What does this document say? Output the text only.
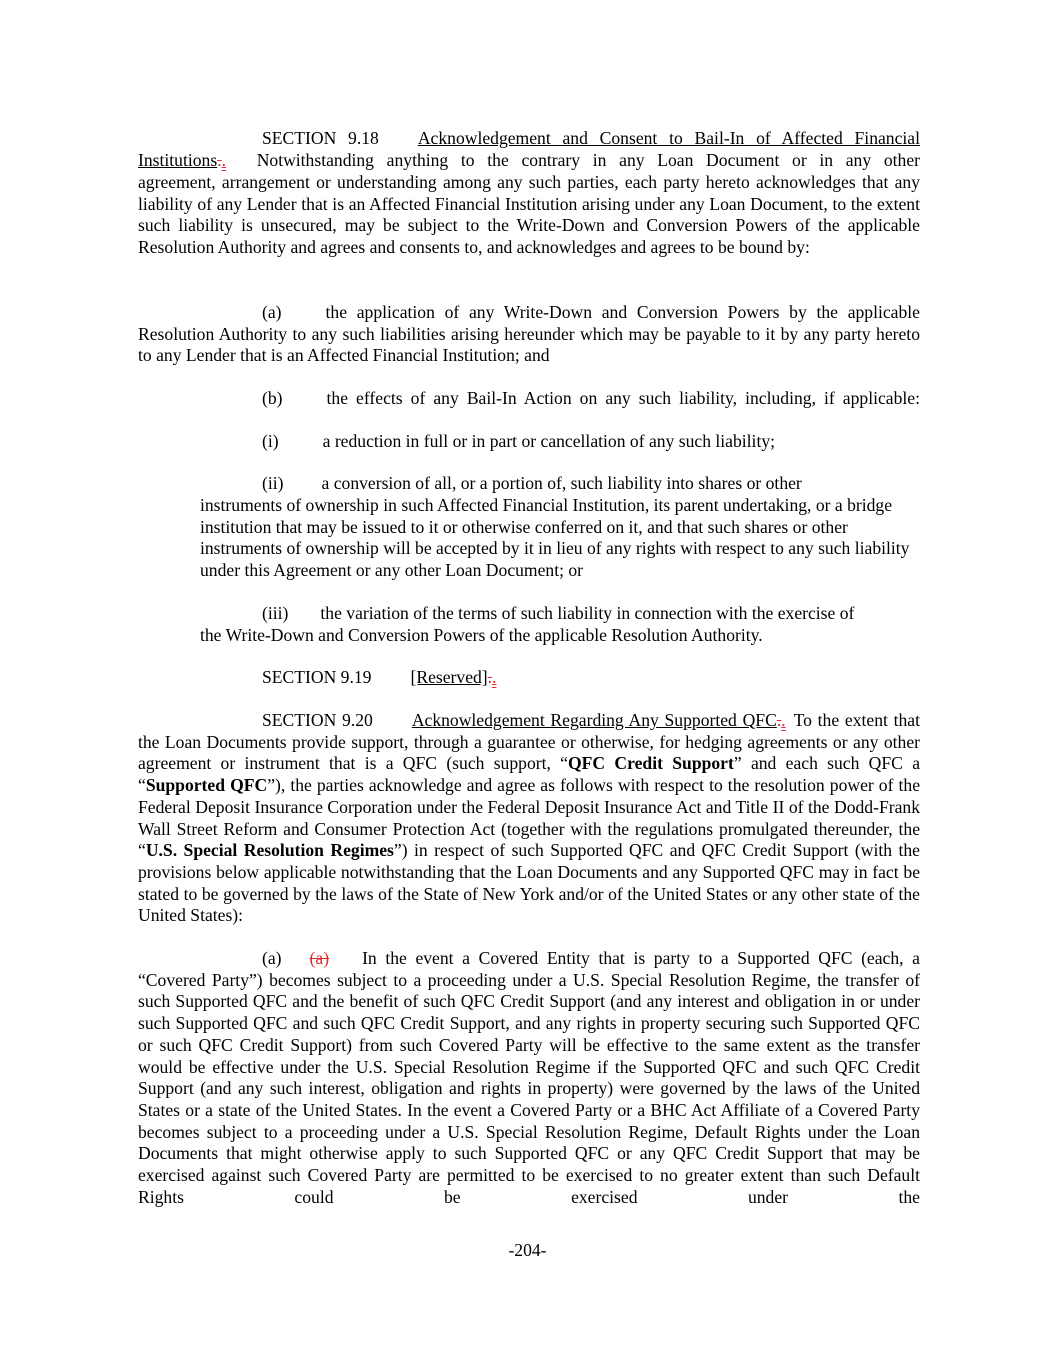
SECTION 9.18 Acknowledgement and Consent to Bail-In of Affected Financial

Institutions.. Notwithstanding anything to the contrary in any Loan Document or in any other

agreement, arrangement or understanding among any such parties, each party hereto acknowledges that any liability of any Lender that is an Affected Financial Institution arising under any Loan Document, to the extent such liability is unsecured, may be subject to the Write-Down and Conversion Powers of the applicable Resolution Authority and agrees and consents to, and acknowledges and agrees to be bound by:

(a)	the application of any Write-Down and Conversion Powers by the applicable Resolution Authority to any such liabilities arising hereunder which may be payable to it by any party hereto to any Lender that is an Affected Financial Institution; and

(b)	the effects of any Bail-In Action on any such liability, including, if applicable:

(i)	a reduction in full or in part or cancellation of any such liability;

(ii) a conversion of all, or a portion of, such liability into shares or other

instruments of ownership in such Affected Financial Institution, its parent undertaking, or a bridge institution that may be issued to it or otherwise conferred on it, and that such shares or other instruments of ownership will be accepted by it in lieu of any rights with respect to any such liability under this Agreement or any other Loan Document; or

(iii) the variation of the terms of such liability in connection with the exercise of

the Write-Down and Conversion Powers of the applicable Resolution Authority.

SECTION 9.19 [Reserved]..

SECTION 9.20 Acknowledgement Regarding Any Supported QFC.. To the extent that the Loan Documents provide support, through a guarantee or otherwise, for hedging agreements or any other agreement or instrument that is a QFC (such support, “QFC Credit Support” and each such QFC a “Supported QFC”), the parties acknowledge and agree as follows with respect to the resolution power of the Federal Deposit Insurance Corporation under the Federal Deposit Insurance Act and Title II of the Dodd-Frank Wall Street Reform and Consumer Protection Act (together with the regulations promulgated thereunder, the “U.S. Special Resolution Regimes”) in respect of such Supported QFC and QFC Credit Support (with the provisions below applicable notwithstanding that the Loan Documents and any Supported QFC may in fact be stated to be governed by the laws of the State of New York and/or of the United States or any other state of the United States):

(a) (a) In the event a Covered Entity that is party to a Supported QFC (each, a “Covered Party”) becomes subject to a proceeding under a U.S. Special Resolution Regime, the transfer of such Supported QFC and the benefit of such QFC Credit Support (and any interest and obligation in or under such Supported QFC and such QFC Credit Support, and any rights in property securing such Supported QFC or such QFC Credit Support) from such Covered Party will be effective to the same extent as the transfer would be effective under the U.S. Special Resolution Regime if the Supported QFC and such QFC Credit Support (and any such interest, obligation and rights in property) were governed by the laws of the United States or a state of the United States. In the event a Covered Party or a BHC Act Affiliate of a Covered Party becomes subject to a proceeding under a U.S. Special Resolution Regime, Default Rights under the Loan Documents that might otherwise apply to such Supported QFC or any QFC Credit Support that may be exercised against such Covered Party are permitted to be exercised to no greater extent than such Default Rights could be exercised under the

-204-
